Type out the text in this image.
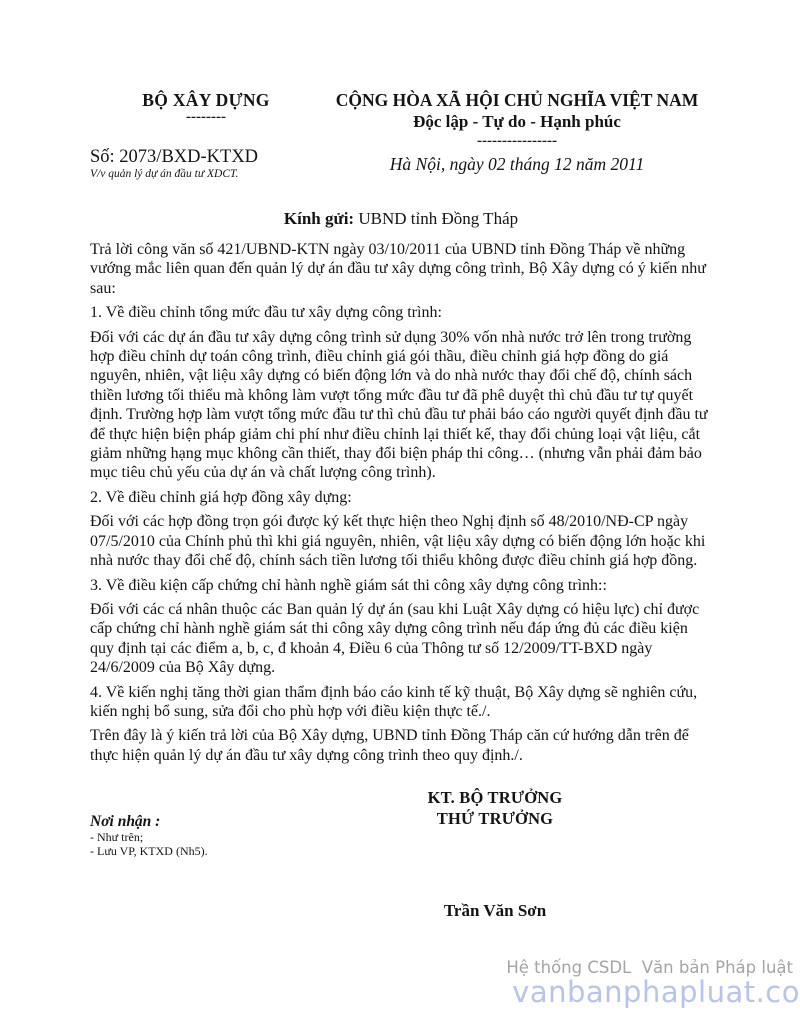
BỘ XÂY DỰNG
--------
Số: 2073/BXD-KTXD
V/v quản lý dự án đầu tư XDCT.
CỘNG HÒA XÃ HỘI CHỦ NGHĨA VIỆT NAM
Độc lập - Tự do - Hạnh phúc
----------------
Hà Nội, ngày 02 tháng 12 năm 2011
Kính gửi: UBND tỉnh Đồng Tháp

Trả lời công văn số 421/UBND-KTN ngày 03/10/2011 của UBND tỉnh Đồng Tháp về những vướng mắc liên quan đến quản lý dự án đầu tư xây dựng công trình, Bộ Xây dựng có ý kiến như sau:

1. Về điều chỉnh tổng mức đầu tư xây dựng công trình:

Đối với các dự án đầu tư xây dựng công trình sử dụng 30% vốn nhà nước trở lên trong trường hợp điều chỉnh dự toán công trình, điều chỉnh giá gói thầu, điều chỉnh giá hợp đồng do giá nguyên, nhiên, vật liệu xây dựng có biến động lớn và do nhà nước thay đổi chế độ, chính sách thiền lương tối thiểu mà không làm vượt tổng mức đầu tư đã phê duyệt thì chủ đầu tư tự quyết định. Trường hợp làm vượt tổng mức đầu tư thì chủ đầu tư phải báo cáo người quyết định đầu tư để thực hiện biện pháp giảm chi phí như điều chỉnh lại thiết kế, thay đổi chủng loại vật liệu, cắt giảm những hạng mục không cần thiết, thay đổi biện pháp thi công… (nhưng vẫn phải đảm bảo mục tiêu chủ yếu của dự án và chất lượng công trình).

2. Về điều chỉnh giá hợp đồng xây dựng:

Đối với các hợp đồng trọn gói được ký kết thực hiện theo Nghị định số 48/2010/NĐ-CP ngày 07/5/2010 của Chính phủ thì khi giá nguyên, nhiên, vật liệu xây dựng có biến động lớn hoặc khi nhà nước thay đổi chế độ, chính sách tiền lương tối thiểu không được điều chỉnh giá hợp đồng.

3. Về điều kiện cấp chứng chỉ hành nghề giám sát thi công xây dựng công trình::

Đối với các cá nhân thuộc các Ban quản lý dự án (sau khi Luật Xây dựng có hiệu lực) chỉ được cấp chứng chỉ hành nghề giám sát thi công xây dựng công trình nếu đáp ứng đủ các điều kiện quy định tại các điểm a, b, c, đ khoản 4, Điều 6 của Thông tư số 12/2009/TT-BXD ngày 24/6/2009 của Bộ Xây dựng.

4. Về kiến nghị tăng thời gian thẩm định báo cáo kinh tế kỹ thuật, Bộ Xây dựng sẽ nghiên cứu, kiến nghị bổ sung, sửa đổi cho phù hợp với điều kiện thực tế./.

Trên đây là ý kiến trả lời của Bộ Xây dựng, UBND tỉnh Đồng Tháp căn cứ hướng dẫn trên để thực hiện quản lý dự án đầu tư xây dựng công trình theo quy định./.

Nơi nhận :
- Như trên;
- Lưu VP, KTXD (Nh5).
KT. BỘ TRƯỞNG
THỨ TRƯỞNG
Trần Văn Sơn
Hệ thống CSDL  Văn bản Pháp luật
vanbanphapluat.co
